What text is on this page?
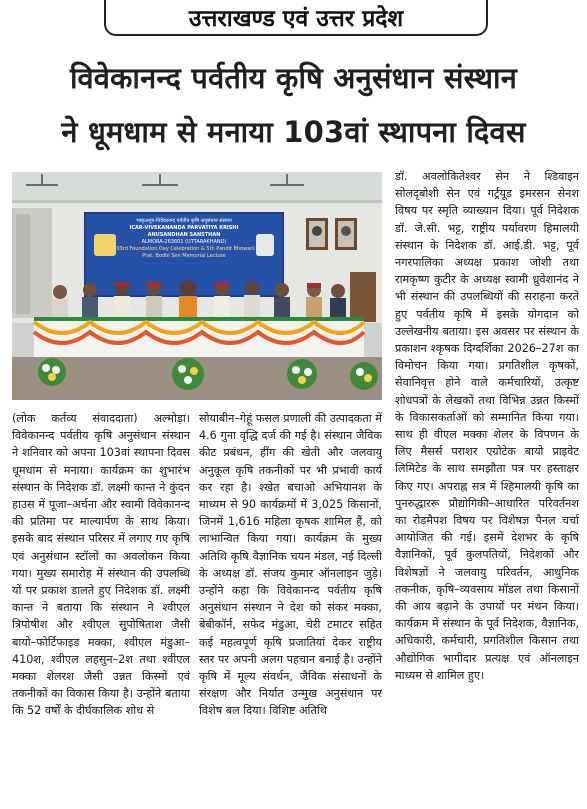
उत्तराखण्ड एवं उत्तर प्रदेश
विवेकानन्द पर्वतीय कृषि अनुसंधान संस्थान
ने धूमधाम से मनाया 103वां स्थापना दिवस
भाकृअनुप-विवेकानन्द पर्वतीय कृषि अनुसंधान संस्थान
ICAR-VIVEKANANDA PARVATIYA KRISHI ANUSANDHAN SANSTHAN
ALMORA-263601 (UTTARAKHAND)
103rd Foundation Day Celebration & 5th Pandit Bhowani Prat. Bodhi Sen Memorial Lecture

(लोक कर्तव्य संवाददाता) अल्मोड़ा। विवेकानन्द पर्वतीय कृषि अनुसंधान संस्थान ने शनिवार को अपना 103वां स्थापना दिवस धूमधाम से मनाया। कार्यक्रम का शुभारंभ संस्थान के निदेशक डॉ. लक्ष्मी कान्त ने कुंदन हाउस में पूजा–अर्चना और स्वामी विवेकानन्द की प्रतिमा पर माल्यार्पण के साथ किया। इसके बाद संस्थान परिसर में लगाए गए कृषि एवं अनुसंधान स्टॉलों का अवलोकन किया गया। मुख्य समारोह में संस्थान की उपलब्धि यों पर प्रकाश डालते हुए निदेशक डॉ. लक्ष्मी कान्त ने बताया कि संस्थान ने श्वीएल त्रिपोषीश और श्वीएल सुपोषिताश जैसी बायो–फोर्टिफाइड मक्का, श्वीएल मंडुआ–410श, श्वीएल लहसुन–2श तथा श्वीएल मक्का शेलरश जैसी उन्नत किस्मों एवं तकनीकों का विकास किया है। उन्होंने बताया कि 52 वर्षों के दीर्घकालिक शोध से

सोयाबीन–गेहूं फसल प्रणाली की उत्पादकता में 4.6 गुना वृद्धि दर्ज की गई है। संस्थान जैविक कीट प्रबंधन, हींग की खेती और जलवायु अनुकूल कृषि तकनीकों पर भी प्रभावी कार्य कर रहा है। श्खेत बचाओ अभियानश के माध्यम से 90 कार्यक्रमों में 3,025 किसानों, जिनमें 1,616 महिला कृषक शामिल हैं, को लाभान्वित किया गया। कार्यक्रम के मुख्य अतिथि कृषि वैज्ञानिक चयन मंडल, नई दिल्ली के अध्यक्ष डॉ. संजय कुमार ऑनलाइन जुड़े। उन्होंने कहा कि विवेकानन्द पर्वतीय कृषि अनुसंधान संस्थान ने देश को संकर मक्का, बेबीकॉर्न, सफेद मंडुआ, चेरी टमाटर सहित कई महत्वपूर्ण कृषि प्रजातियां देकर राष्ट्रीय स्तर पर अपनी अलग पहचान बनाई है। उन्होंने कृषि में मूल्य संवर्धन, जैविक संसाधनों के संरक्षण और निर्यात उन्मुख अनुसंधान पर विशेष बल दिया। विशिष्ट अतिथि

डॉ. अवलोकितेश्वर सेन ने श्डिवाइन सोलदृबोशी सेन एवं गर्ट्रयूड इमरसन सेनश विषय पर स्मृति व्याख्यान दिया। पूर्व निदेशक डॉ. जे.सी. भट्ट, राष्ट्रीय पर्यावरण हिमालयी संस्थान के निदेशक डॉ. आई.डी. भट्ट, पूर्व नगरपालिका अध्यक्ष प्रकाश जोशी तथा रामकृष्ण कुटीर के अध्यक्ष स्वामी ध्रुवेशानंद ने भी संस्थान की उपलब्धियों की सराहना करते हुए पर्वतीय कृषि में इसके योगदान को उल्लेखनीय बताया। इस अवसर पर संस्थान के प्रकाशन श्कृषक दिग्दर्शिका 2026–27श का विमोचन किया गया। प्रगतिशील कृषकों, सेवानिवृत्त होने वाले कर्मचारियों, उत्कृष्ट शोधपत्रों के लेखकों तथा विभिन्न उन्नत किस्मों के विकासकर्ताओं को सम्मानित किया गया। साथ ही वीएल मक्का शेलर के विपणन के लिए मैसर्स पराशर एग्रोटेक बायो प्राइवेट लिमिटेड के साथ समझौता पत्र पर हस्ताक्षर किए गए। अपराह्न सत्र में श्हिमालयी कृषि का पुनरुद्धाररू प्रौद्योगिकी–आधारित परिवर्तनश का रोडमैपश विषय पर विशेषज्ञ पैनल चर्चा आयोजित की गई। इसमें देशभर के कृषि वैज्ञानिकों, पूर्व कुलपतियों, निदेशकों और विशेषज्ञों ने जलवायु परिवर्तन, आधुनिक तकनीक, कृषि–व्यवसाय मॉडल तथा किसानों की आय बढ़ाने के उपायों पर मंथन किया। कार्यक्रम में संस्थान के पूर्व निदेशक, वैज्ञानिक, अधिकारी, कर्मचारी, प्रगतिशील किसान तथा औद्योगिक भागीदार प्रत्यक्ष एवं ऑनलाइन माध्यम से शामिल हुए।
